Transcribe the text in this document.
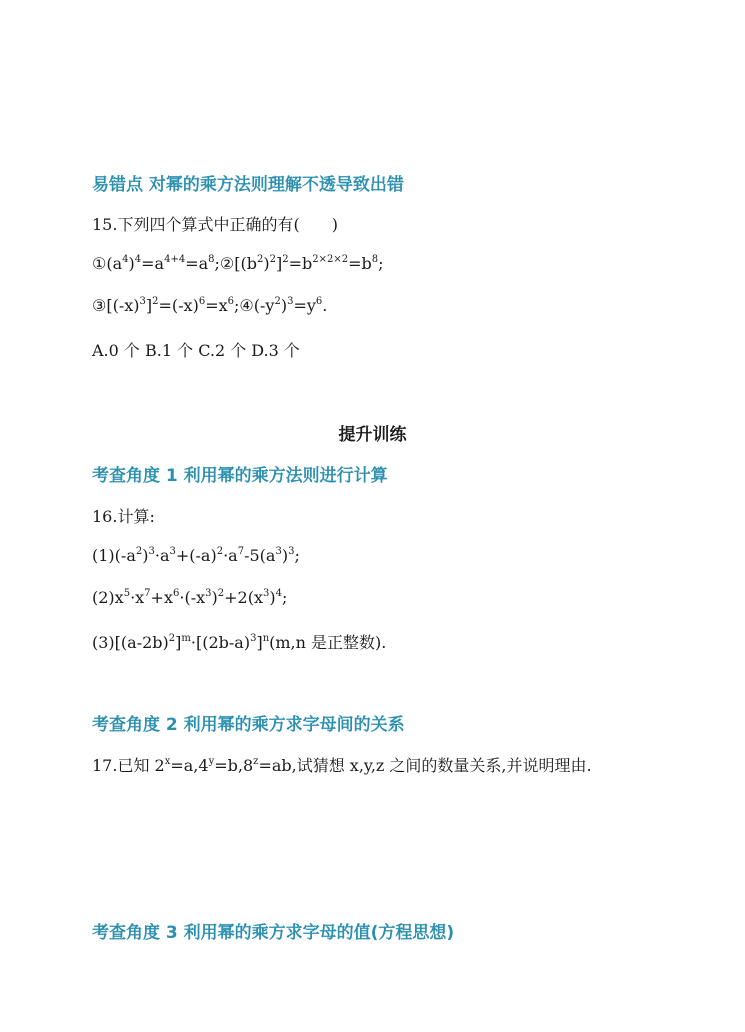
易错点 对幂的乘方法则理解不透导致出错
15.下列四个算式中正确的有(　　)
$①(a^4)^4=a^{4+4}=a^8;②[(b^2)^2]^2=b^{2\times 2\times 2}=b^8$;
$③[(-x)^3]^2=(-x)^6=x^6;④(-y^2)^3=y^6$.
A.0 个 B.1 个 C.2 个 D.3 个
提升训练
考查角度 1 利用幂的乘方法则进行计算
16.计算:
$(1)(-a^2)^3\cdot a^3+(-a)^2\cdot a^7-5(a^3)^3$;
$(2)x^5\cdot x^7+x^6\cdot(-x^3)^2+2(x^3)^4$;
$(3)[(a-2b)^2]^m\cdot[(2b-a)^3]^n(m,n$ 是正整数).
考查角度 2 利用幂的乘方求字母间的关系
17.已知 $2^x=a,4^y=b,8^z=ab$,试猜想 x,y,z 之间的数量关系,并说明理由.
考查角度 3 利用幂的乘方求字母的值(方程思想)
